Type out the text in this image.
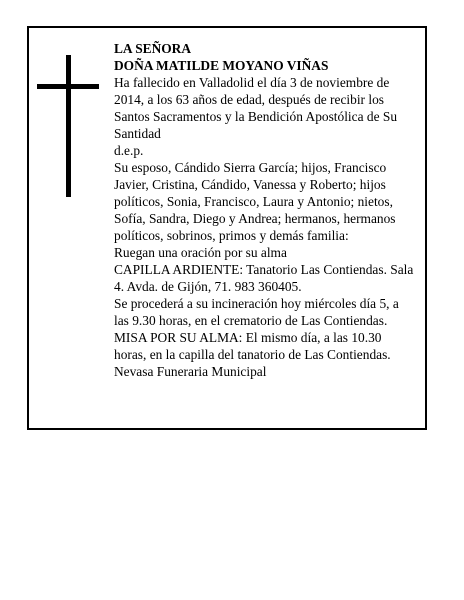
LA SEÑORA

DOÑA MATILDE MOYANO VIÑAS

Ha fallecido en Valladolid el día 3 de noviembre de 2014, a los 63 años de edad, después de recibir los Santos Sacramentos y la Bendición Apostólica de Su Santidad

d.e.p.

Su esposo, Cándido Sierra García; hijos, Francisco Javier, Cristina, Cándido, Vanessa y Roberto; hijos políticos, Sonia, Francisco, Laura y Antonio; nietos, Sofía, Sandra, Diego y Andrea; hermanos, hermanos políticos, sobrinos, primos y demás familia:

Ruegan una oración por su alma

CAPILLA ARDIENTE: Tanatorio Las Contiendas. Sala 4. Avda. de Gijón, 71. 983 360405.

Se procederá a su incineración hoy miércoles día 5, a las 9.30 horas, en el crematorio de Las Contiendas.

MISA POR SU ALMA: El mismo día, a las 10.30 horas, en la capilla del tanatorio de Las Contiendas.

Nevasa Funeraria Municipal
